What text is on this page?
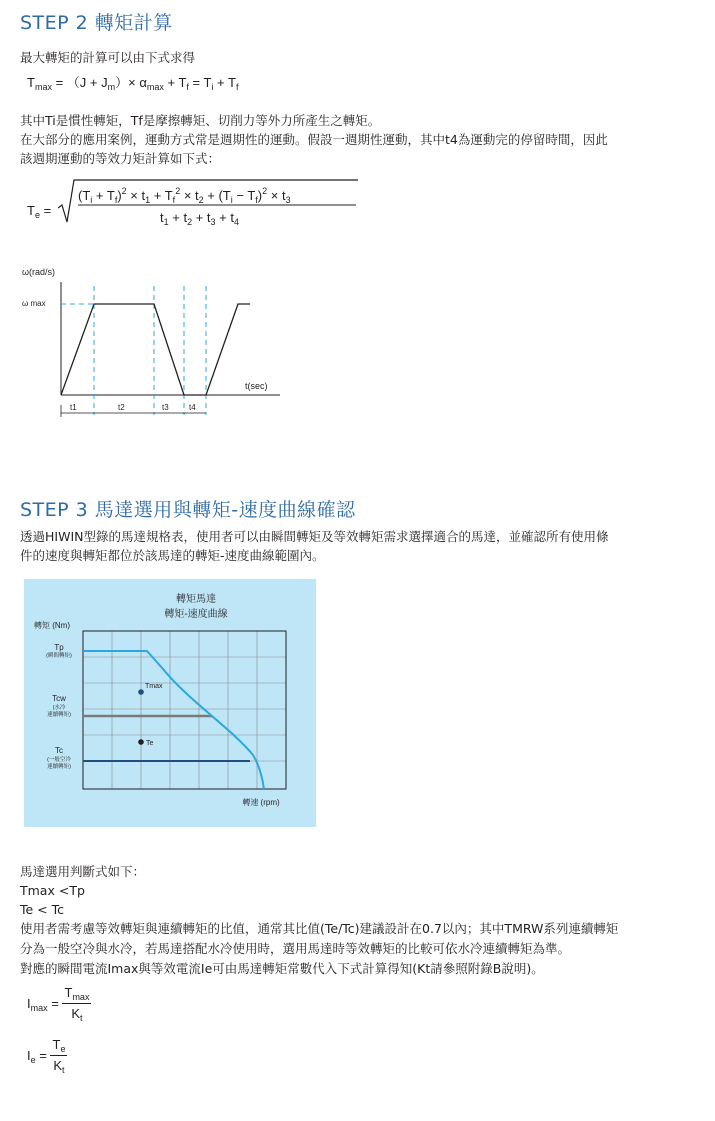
STEP 2 轉矩計算
最大轉矩的計算可以由下式求得
$T_{max} = (J + J_m)\times \alpha_{max} + T_f = T_i + T_f$
其中Ti是慣性轉矩，Tf是摩擦轉矩、切削力等外力所產生之轉矩。
在大部分的應用案例，運動方式常是週期性的運動。假設一週期性運動，其中t4為運動完的停留時間，因此
該週期運動的等效力矩計算如下式：
$T_e$ =
$(T_i + T_f)^2 \times t_1 + T_f^2 \times t_2 + (T_i - T_f)^2 \times t_3$
$t_1 + t_2 + t_3 + t_4$
ω(rad/s)
ω max
t(sec)
t1	t2	t3	t4
STEP 3 馬達選用與轉矩-速度曲線確認
透過HIWIN型錄的馬達規格表，使用者可以由瞬間轉矩及等效轉矩需求選擇適合的馬達，並確認所有使用條
件的速度與轉矩都位於該馬達的轉矩-速度曲線範圍內。
轉矩馬達
轉矩-速度曲線
轉矩 (Nm)
Tp
(瞬間轉矩)
Tcw
(水冷
連續轉矩)
Tc
(一般空冷
連續轉矩)
Tmax
Te
轉速 (rpm)
馬達選用判斷式如下：
Tmax <Tp
Te < Tc
使用者需考慮等效轉矩與連續轉矩的比值，通常其比值(Te/Tc)建議設計在0.7以內；其中TMRW系列連續轉矩
分為一般空冷與水冷，若馬達搭配水冷使用時，選用馬達時等效轉矩的比較可依水冷連續轉矩為準。
對應的瞬間電流Imax與等效電流Ie可由馬達轉矩常數代入下式計算得知(Kt請參照附錄B說明)。
$I_{max} = \frac{T_{max}}{K_t}$
$I_e = \frac{T_e}{K_t}$
